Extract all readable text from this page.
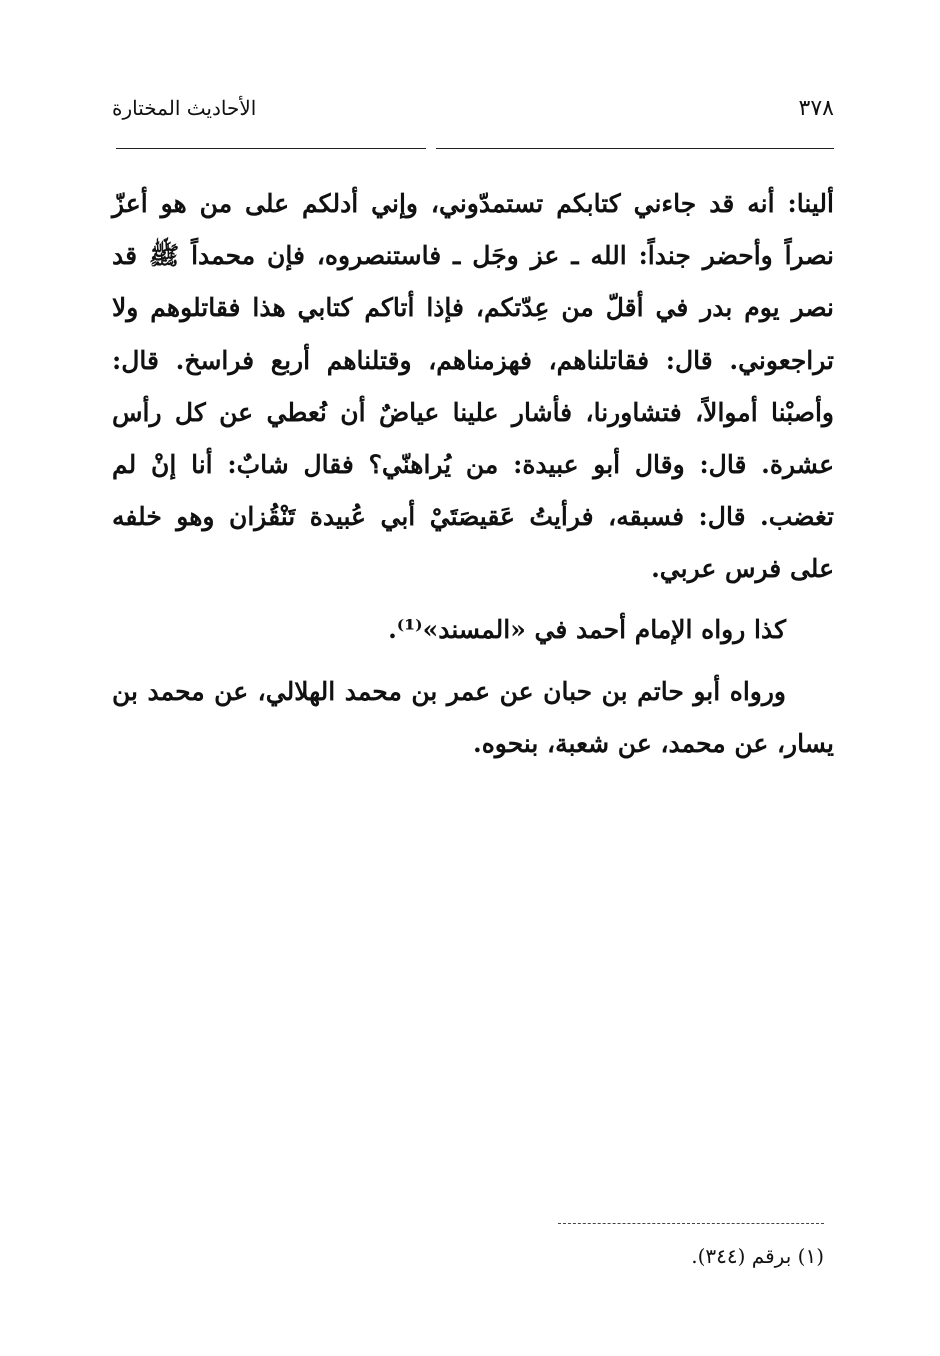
٣٧٨
الأحاديث المختارة

ألينا: أنه قد جاءني كتابكم تستمدّوني، وإني أدلكم على من هو أعزّ نصراً وأحضر جنداً: الله ـ عز وجَل ـ فاستنصروه، فإن محمداً ﷺ قد نصر يوم بدر في أقلّ من عِدّتكم، فإذا أتاكم كتابي هذا فقاتلوهم ولا تراجعوني. قال: فقاتلناهم، فهزمناهم، وقتلناهم أربع فراسخ. قال: وأصبْنا أموالاً، فتشاورنا، فأشار علينا عياضٌ أن نُعطي عن كل رأس عشرة. قال: وقال أبو عبيدة: من يُراهنّي؟ فقال شابٌ: أنا إنْ لم تغضب. قال: فسبقه، فرأيتُ عَقيصَتَيْ أبي عُبيدة تَنْقُزان وهو خلفه على فرس عربي.

كذا رواه الإمام أحمد في «المسند»⁽¹⁾.

ورواه أبو حاتم بن حبان عن عمر بن محمد الهلالي، عن محمد بن يسار، عن محمد، عن شعبة، بنحوه.

(١) برقم (٣٤٤).
